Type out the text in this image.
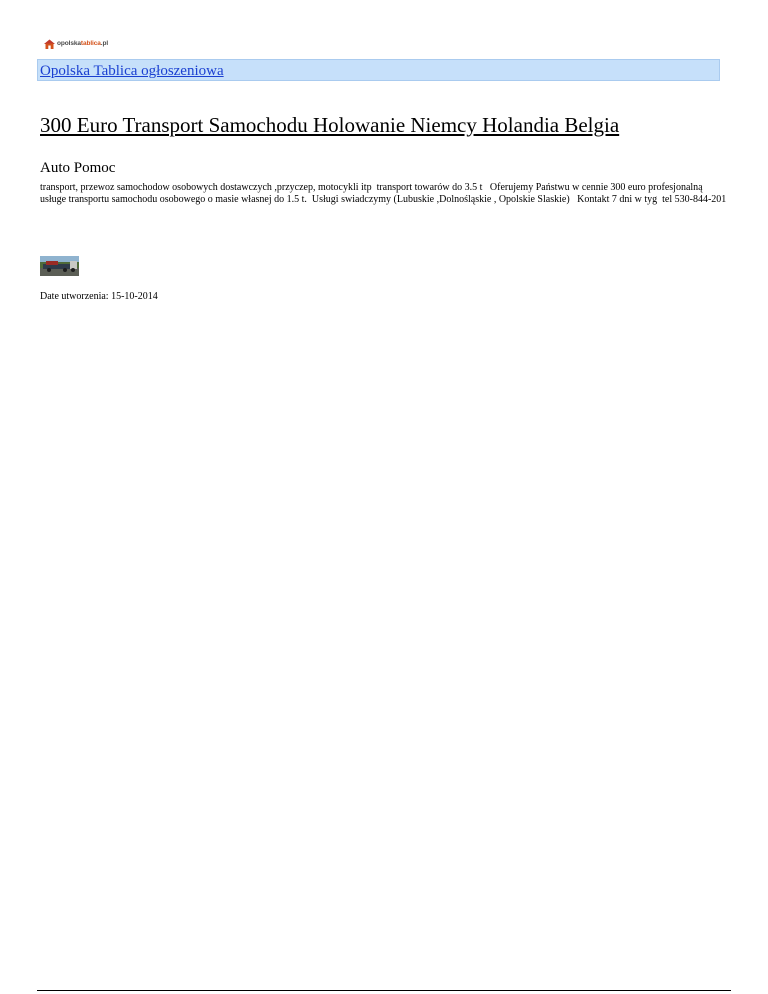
opolskatablica.pl
Opolska Tablica ogłoszeniowa
300 Euro Transport Samochodu Holowanie Niemcy Holandia Belgia
Auto Pomoc
transport, przewoz samochodow osobowych dostawczych ,przyczep, motocykli itp  transport towarów do 3.5 t   Oferujemy Państwu w cennie 300 euro profesjonalną usługe transportu samochodu osobowego o masie własnej do 1.5 t.  Usługi swiadczymy (Lubuskie ,Dolnośląskie , Opolskie Slaskie)   Kontakt 7 dni w tyg  tel 530-844-201
Date utworzenia: 15-10-2014
